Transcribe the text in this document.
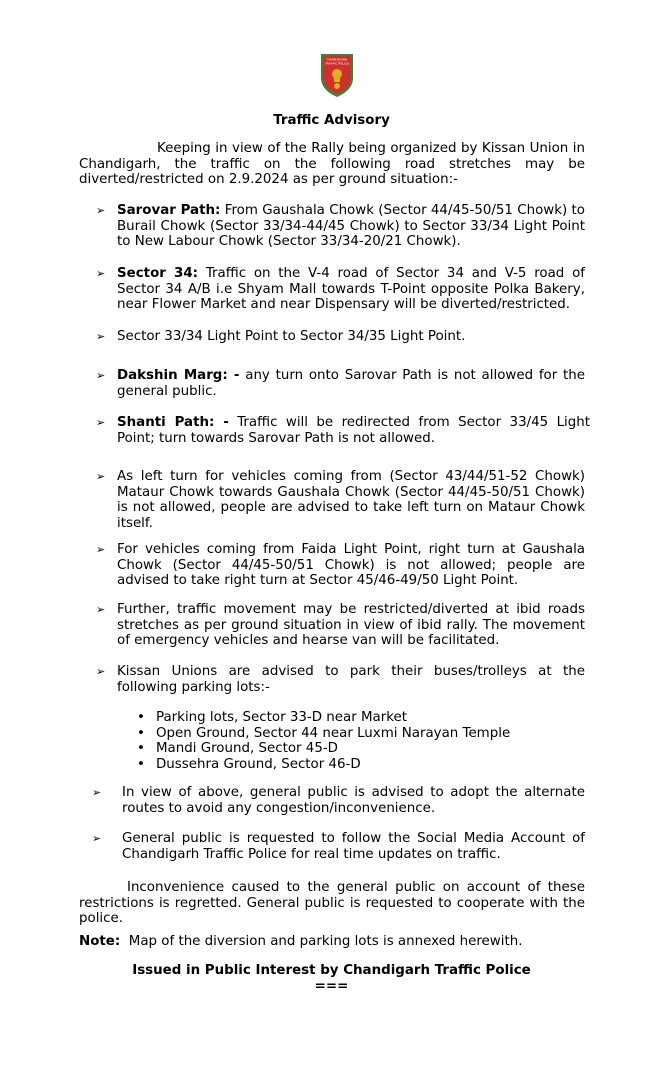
CHANDIGARH
TRAFFIC POLICE
Traffic Advisory
Keeping in view of the Rally being organized by Kissan Union in Chandigarh, the traffic on the following road stretches may be diverted/restricted on 2.9.2024 as per ground situation:-
➢ Sarovar Path: From Gaushala Chowk (Sector 44/45-50/51 Chowk) to Burail Chowk (Sector 33/34-44/45 Chowk) to Sector 33/34 Light Point to New Labour Chowk (Sector 33/34-20/21 Chowk).
➢ Sector 34: Traffic on the V-4 road of Sector 34 and V-5 road of Sector 34 A/B i.e Shyam Mall towards T-Point opposite Polka Bakery, near Flower Market and near Dispensary will be diverted/restricted.
➢ Sector 33/34 Light Point to Sector 34/35 Light Point.
➢ Dakshin Marg: - any turn onto Sarovar Path is not allowed for the general public.
➢ Shanti Path: - Traffic will be redirected from Sector 33/45 Light Point; turn towards Sarovar Path is not allowed.
➢ As left turn for vehicles coming from (Sector 43/44/51-52 Chowk) Mataur Chowk towards Gaushala Chowk (Sector 44/45-50/51 Chowk) is not allowed, people are advised to take left turn on Mataur Chowk itself.
➢ For vehicles coming from Faida Light Point, right turn at Gaushala Chowk (Sector 44/45-50/51 Chowk) is not allowed; people are advised to take right turn at Sector 45/46-49/50 Light Point.
➢ Further, traffic movement may be restricted/diverted at ibid roads stretches as per ground situation in view of ibid rally. The movement of emergency vehicles and hearse van will be facilitated.
➢ Kissan Unions are advised to park their buses/trolleys at the following parking lots:-
• Parking lots, Sector 33-D near Market
• Open Ground, Sector 44 near Luxmi Narayan Temple
• Mandi Ground, Sector 45-D
• Dussehra Ground, Sector 46-D
➢ In view of above, general public is advised to adopt the alternate routes to avoid any congestion/inconvenience.
➢ General public is requested to follow the Social Media Account of Chandigarh Traffic Police for real time updates on traffic.
Inconvenience caused to the general public on account of these restrictions is regretted. General public is requested to cooperate with the police.
Note: Map of the diversion and parking lots is annexed herewith.
Issued in Public Interest by Chandigarh Traffic Police
===
